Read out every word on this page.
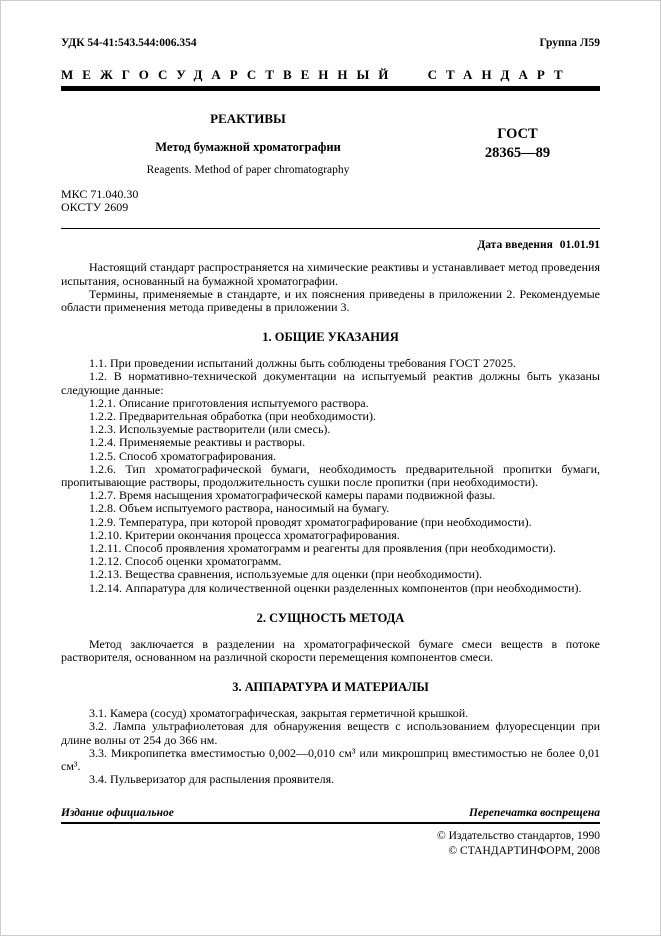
УДК 54-41:543.544:006.354	Группа Л59
МЕЖГОСУДАРСТВЕННЫЙ СТАНДАРТ
РЕАКТИВЫ
Метод бумажной хроматографии
Reagents. Method of paper chromatography
ГОСТ
28365—89
МКС 71.040.30
ОКСТУ 2609
Дата введения 01.01.91

Настоящий стандарт распространяется на химические реактивы и устанавливает метод проведения испытания, основанный на бумажной хроматографии.

Термины, применяемые в стандарте, и их пояснения приведены в приложении 2. Рекомендуемые области применения метода приведены в приложении 3.

1. ОБЩИЕ УКАЗАНИЯ

1.1. При проведении испытаний должны быть соблюдены требования ГОСТ 27025.

1.2. В нормативно-технической документации на испытуемый реактив должны быть указаны следующие данные:

1.2.1. Описание приготовления испытуемого раствора.

1.2.2. Предварительная обработка (при необходимости).

1.2.3. Используемые растворители (или смесь).

1.2.4. Применяемые реактивы и растворы.

1.2.5. Способ хроматографирования.

1.2.6. Тип хроматографической бумаги, необходимость предварительной пропитки бумаги, пропитывающие растворы, продолжительность сушки после пропитки (при необходимости).

1.2.7. Время насыщения хроматографической камеры парами подвижной фазы.

1.2.8. Объем испытуемого раствора, наносимый на бумагу.

1.2.9. Температура, при которой проводят хроматографирование (при необходимости).

1.2.10. Критерии окончания процесса хроматографирования.

1.2.11. Способ проявления хроматограмм и реагенты для проявления (при необходимости).

1.2.12. Способ оценки хроматограмм.

1.2.13. Вещества сравнения, используемые для оценки (при необходимости).

1.2.14. Аппаратура для количественной оценки разделенных компонентов (при необходимости).

2. СУЩНОСТЬ МЕТОДА

Метод заключается в разделении на хроматографической бумаге смеси веществ в потоке растворителя, основанном на различной скорости перемещения компонентов смеси.

3. АППАРАТУРА И МАТЕРИАЛЫ

3.1. Камера (сосуд) хроматографическая, закрытая герметичной крышкой.

3.2. Лампа ультрафиолетовая для обнаружения веществ с использованием флуоресценции при длине волны от 254 до 366 нм.

3.3. Микропипетка вместимостью 0,002—0,010 см³ или микрошприц вместимостью не более 0,01 см³.

3.4. Пульверизатор для распыления проявителя.

Издание официальное	Перепечатка воспрещена
© Издательство стандартов, 1990
© СТАНДАРТИНФОРМ, 2008
